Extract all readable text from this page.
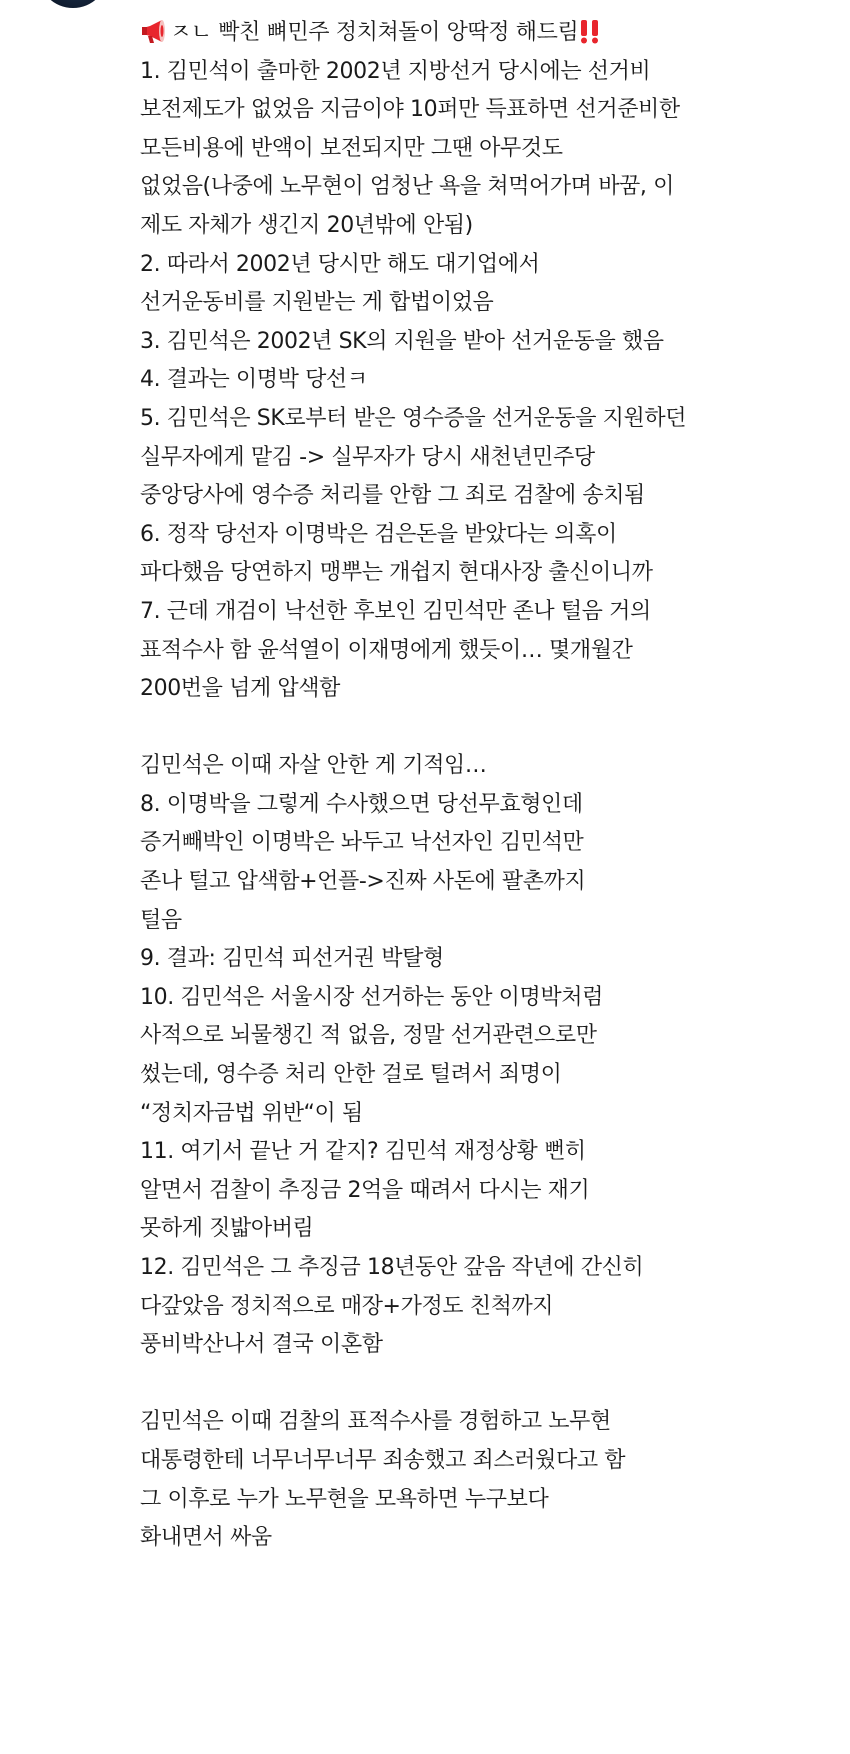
ㅈㄴ 빡친 뼈민주 정치쳐돌이 앙딱정 해드림
1. 김민석이 출마한 2002년 지방선거 당시에는 선거비
보전제도가 없었음 지금이야 10퍼만 득표하면 선거준비한
모든비용에 반액이 보전되지만 그땐 아무것도
없었음(나중에 노무현이 엄청난 욕을 쳐먹어가며 바꿈, 이
제도 자체가 생긴지 20년밖에 안됨)
2. 따라서 2002년 당시만 해도 대기업에서
선거운동비를 지원받는 게 합법이었음
3. 김민석은 2002년 SK의 지원을 받아 선거운동을 했음
4. 결과는 이명박 당선ㅋ
5. 김민석은 SK로부터 받은 영수증을 선거운동을 지원하던
실무자에게 맡김 -> 실무자가 당시 새천년민주당
중앙당사에 영수증 처리를 안함 그 죄로 검찰에 송치됨
6. 정작 당선자 이명박은 검은돈을 받았다는 의혹이
파다했음 당연하지 맹뿌는 개쉽지 현대사장 출신이니까
7. 근데 개검이 낙선한 후보인 김민석만 존나 털음 거의
표적수사 함 윤석열이 이재명에게 했듯이… 몇개월간
200번을 넘게 압색함
김민석은 이때 자살 안한 게 기적임…
8. 이명박을 그렇게 수사했으면 당선무효형인데
증거빼박인 이명박은 놔두고 낙선자인 김민석만
존나 털고 압색함+언플->진짜 사돈에 팔촌까지
털음
9. 결과: 김민석 피선거권 박탈형
10. 김민석은 서울시장 선거하는 동안 이명박처럼
사적으로 뇌물챙긴 적 없음, 정말 선거관련으로만
썼는데, 영수증 처리 안한 걸로 털려서 죄명이
“정치자금법 위반“이 됨
11. 여기서 끝난 거 같지? 김민석 재정상황 뻔히
알면서 검찰이 추징금 2억을 때려서 다시는 재기
못하게 짓밟아버림
12. 김민석은 그 추징금 18년동안 갚음 작년에 간신히
다갚았음 정치적으로 매장+가정도 친척까지
풍비박산나서 결국 이혼함
김민석은 이때 검찰의 표적수사를 경험하고 노무현
대통령한테 너무너무너무 죄송했고 죄스러웠다고 함
그 이후로 누가 노무현을 모욕하면 누구보다
화내면서 싸움
